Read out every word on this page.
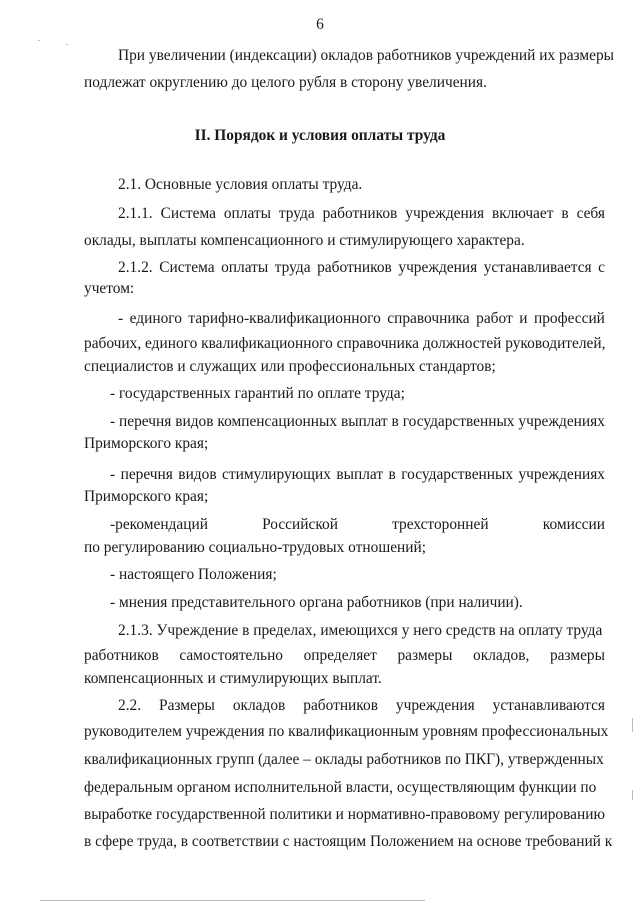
6
При увеличении (индексации) окладов работников учреждений их размеры
подлежат округлению до целого рубля в сторону увеличения.
II. Порядок и условия оплаты труда
2.1. Основные условия оплаты труда.
2.1.1. Система оплаты труда работников учреждения включает в себя
оклады, выплаты компенсационного и стимулирующего характера.
2.1.2. Система оплаты труда работников учреждения устанавливается с
учетом:
- единого тарифно-квалификационного справочника работ и профессий
рабочих, единого квалификационного справочника должностей руководителей,
специалистов и служащих или профессиональных стандартов;
- государственных гарантий по оплате труда;
- перечня видов компенсационных выплат в государственных учреждениях
Приморского края;
- перечня видов стимулирующих выплат в государственных учреждениях
Приморского края;
-рекомендаций	Российской	трехсторонней	комиссии
по регулированию социально-трудовых отношений;
- настоящего Положения;
- мнения представительного органа работников (при наличии).
2.1.3. Учреждение в пределах, имеющихся у него средств на оплату труда
работников самостоятельно определяет размеры окладов, размеры
компенсационных и стимулирующих выплат.
2.2. Размеры окладов работников учреждения устанавливаются
руководителем учреждения по квалификационным уровням профессиональных
квалификационных групп (далее – оклады работников по ПКГ), утвержденных
федеральным органом исполнительной власти, осуществляющим функции по
выработке государственной политики и нормативно-правовому регулированию
в сфере труда, в соответствии с настоящим Положением на основе требований к
